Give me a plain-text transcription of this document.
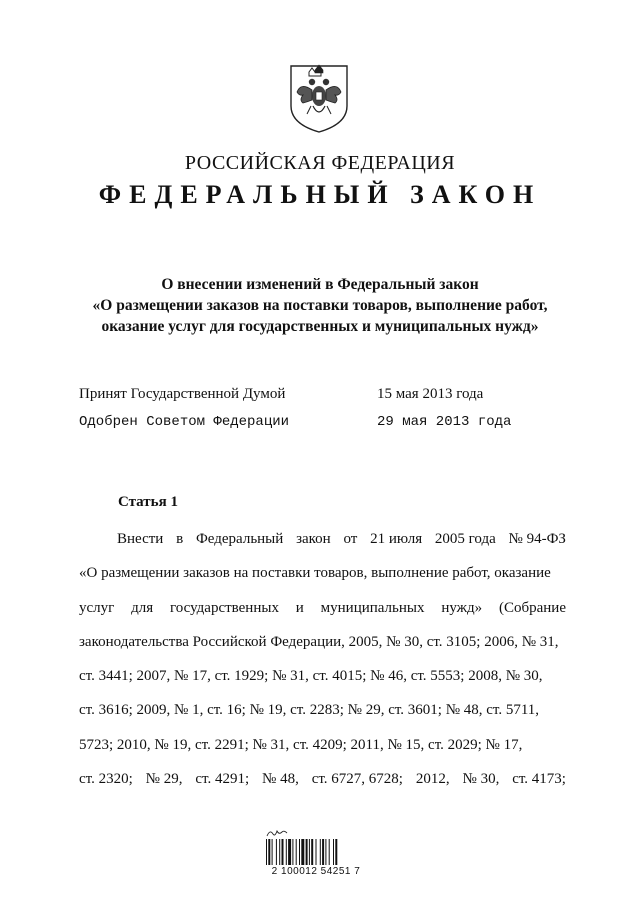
РОССИЙСКАЯ ФЕДЕРАЦИЯ
ФЕДЕРАЛЬНЫЙ ЗАКОН
О внесении изменений в Федеральный закон
«О размещении заказов на поставки товаров, выполнение работ,
оказание услуг для государственных и муниципальных нужд»
Принят Государственной Думой	15 мая 2013 года
Одобрен Советом Федерации	29 мая 2013 года
Статья 1
Внести в Федеральный закон от 21 июля 2005 года № 94-ФЗ
«О размещении заказов на поставки товаров, выполнение работ, оказание
услуг для государственных и муниципальных нужд» (Собрание
законодательства Российской Федерации, 2005, № 30, ст. 3105; 2006, № 31,
ст. 3441; 2007, № 17, ст. 1929; № 31, ст. 4015; № 46, ст. 5553; 2008, № 30,
ст. 3616; 2009, № 1, ст. 16; № 19, ст. 2283; № 29, ст. 3601; № 48, ст. 5711,
5723; 2010, № 19, ст. 2291; № 31, ст. 4209; 2011, № 15, ст. 2029; № 17,
ст. 2320; № 29, ст. 4291; № 48, ст. 6727, 6728; 2012, № 30, ст. 4173;
2 100012 54251 7
